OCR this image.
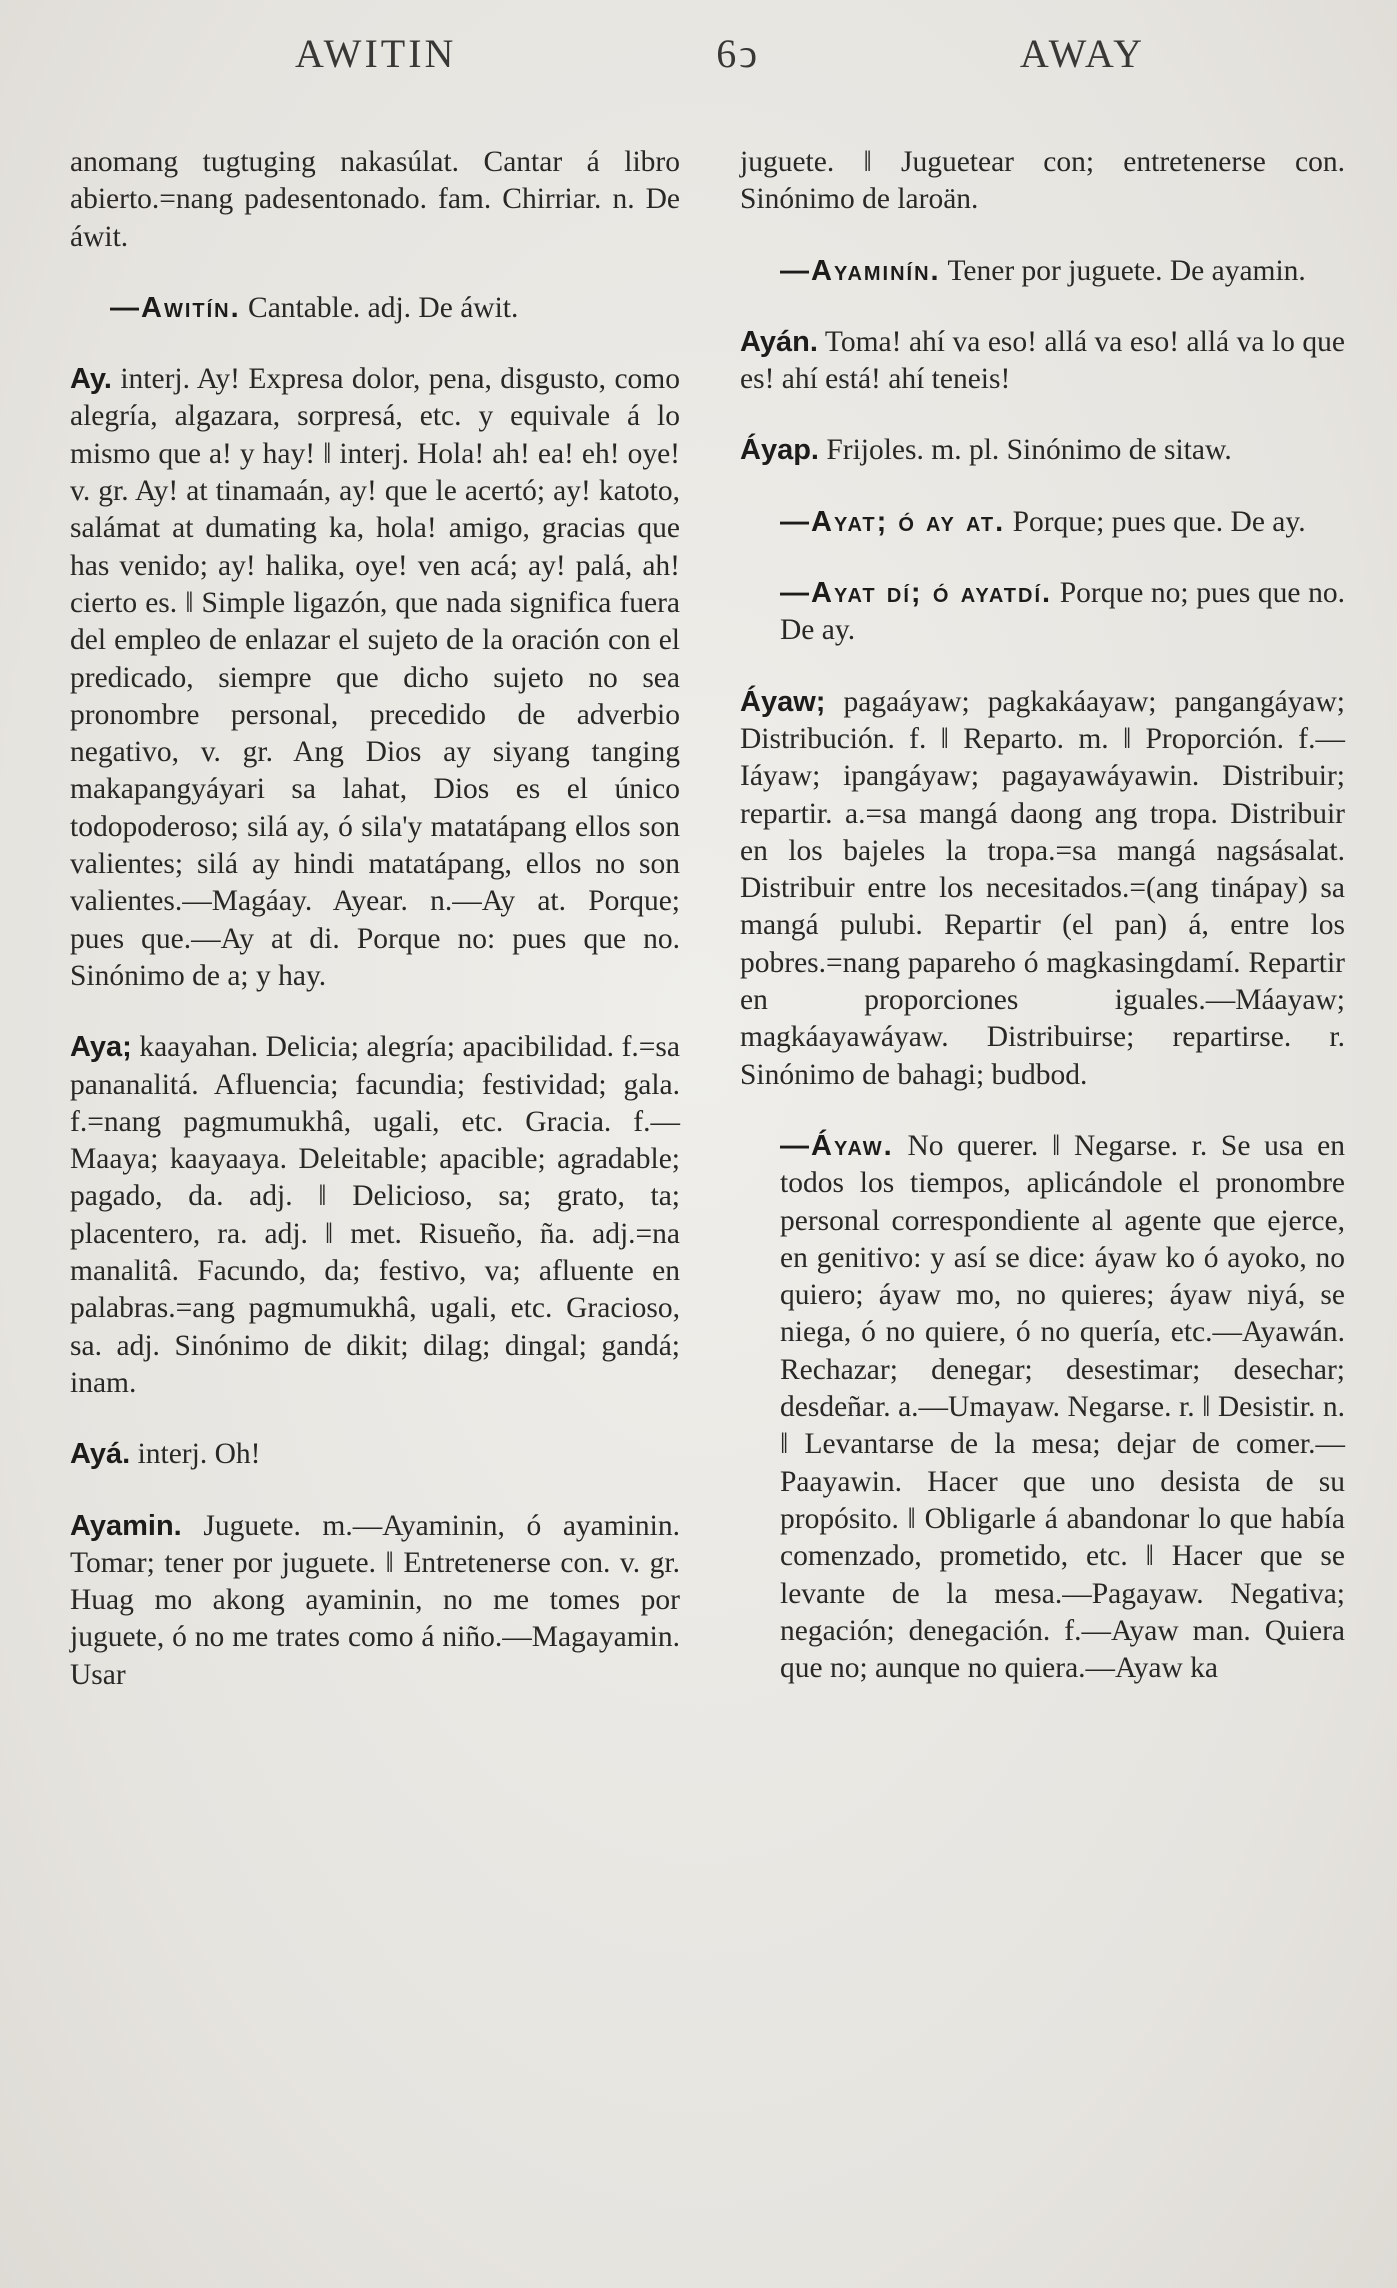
AWITIN	6ↄ	AWAY

anomang tugtuging nakasúlat. Cantar á libro abierto.=nang padesentonado. fam. Chirriar. n. De áwit.

—Awitín. Cantable. adj. De áwit.

Ay. interj. Ay! Expresa dolor, pena, disgusto, como alegría, algazara, sorpresá, etc. y equivale á lo mismo que a! y hay! ‖ interj. Hola! ah! ea! eh! oye! v. gr. Ay! at tinamaán, ay! que le acertó; ay! katoto, salámat at dumating ka, hola! amigo, gracias que has venido; ay! halika, oye! ven acá; ay! palá, ah! cierto es. ‖ Simple ligazón, que nada significa fuera del empleo de enlazar el sujeto de la oración con el predicado, siempre que dicho sujeto no sea pronombre personal, precedido de adverbio negativo, v. gr. Ang Dios ay siyang tanging makapangyáyari sa lahat, Dios es el único todopoderoso; silá ay, ó sila'y matatápang ellos son valientes; silá ay hindi matatápang, ellos no son valientes.—Magáay. Ayear. n.—Ay at. Porque; pues que.—Ay at di. Porque no: pues que no. Sinónimo de a; y hay.

Aya; kaayahan. Delicia; alegría; apacibilidad. f.=sa pananalitá. Afluencia; facundia; festividad; gala. f.=nang pagmumukhâ, ugali, etc. Gracia. f.—Maaya; kaayaaya. Deleitable; apacible; agradable; pagado, da. adj. ‖ Delicioso, sa; grato, ta; placentero, ra. adj. ‖ met. Risueño, ña. adj.=na manalitâ. Facundo, da; festivo, va; afluente en palabras.=ang pagmumukhâ, ugali, etc. Gracioso, sa. adj. Sinónimo de dikit; dilag; dingal; gandá; inam.

Ayá. interj. Oh!

Ayamin. Juguete. m.—Ayaminin, ó ayaminin. Tomar; tener por juguete. ‖ Entretenerse con. v. gr. Huag mo akong ayaminin, no me tomes por juguete, ó no me trates como á niño.—Magayamin. Usar

juguete. ‖ Juguetear con; entretenerse con. Sinónimo de laroän.

—Ayaminín. Tener por juguete. De ayamin.

Ayán. Toma! ahí va eso! allá va eso! allá va lo que es! ahí está! ahí teneis!

Áyap. Frijoles. m. pl. Sinónimo de sitaw.

—Ayat; ó ay at. Porque; pues que. De ay.

—Ayat dí; ó ayatdí. Porque no; pues que no. De ay.

Áyaw; pagaáyaw; pagkakáayaw; pangangáyaw; Distribución. f. ‖ Reparto. m. ‖ Proporción. f.—Iáyaw; ipangáyaw; pagayawáyawin. Distribuir; repartir. a.=sa mangá daong ang tropa. Distribuir en los bajeles la tropa.=sa mangá nagsásalat. Distribuir entre los necesitados.=(ang tinápay) sa mangá pulubi. Repartir (el pan) á, entre los pobres.=nang papareho ó magkasingdamí. Repartir en proporciones iguales.—Máayaw; magkáayawáyaw. Distribuirse; repartirse. r. Sinónimo de bahagi; budbod.

—Áyaw. No querer. ‖ Negarse. r. Se usa en todos los tiempos, aplicándole el pronombre personal correspondiente al agente que ejerce, en genitivo: y así se dice: áyaw ko ó ayoko, no quiero; áyaw mo, no quieres; áyaw niyá, se niega, ó no quiere, ó no quería, etc.—Ayawán. Rechazar; denegar; desestimar; desechar; desdeñar. a.—Umayaw. Negarse. r. ‖ Desistir. n. ‖ Levantarse de la mesa; dejar de comer.—Paayawin. Hacer que uno desista de su propósito. ‖ Obligarle á abandonar lo que había comenzado, prometido, etc. ‖ Hacer que se levante de la mesa.—Pagayaw. Negativa; negación; denegación. f.—Ayaw man. Quiera que no; aunque no quiera.—Ayaw ka
